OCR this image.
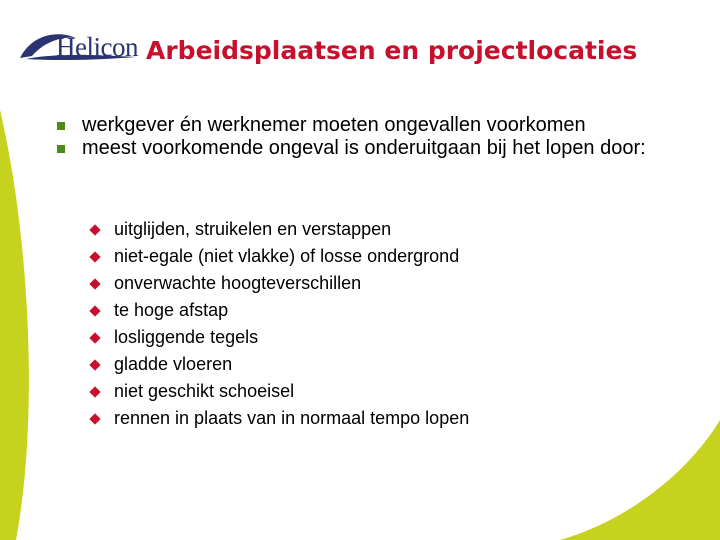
Helicon Arbeidsplaatsen en projectlocaties
werkgever én werknemer moeten ongevallen voorkomen
meest voorkomende ongeval is onderuitgaan bij het lopen door:
uitglijden, struikelen en verstappen
niet-egale (niet vlakke) of losse ondergrond
onverwachte hoogteverschillen
te hoge afstap
losliggende tegels
gladde vloeren
niet geschikt schoeisel
rennen in plaats van in normaal tempo lopen
